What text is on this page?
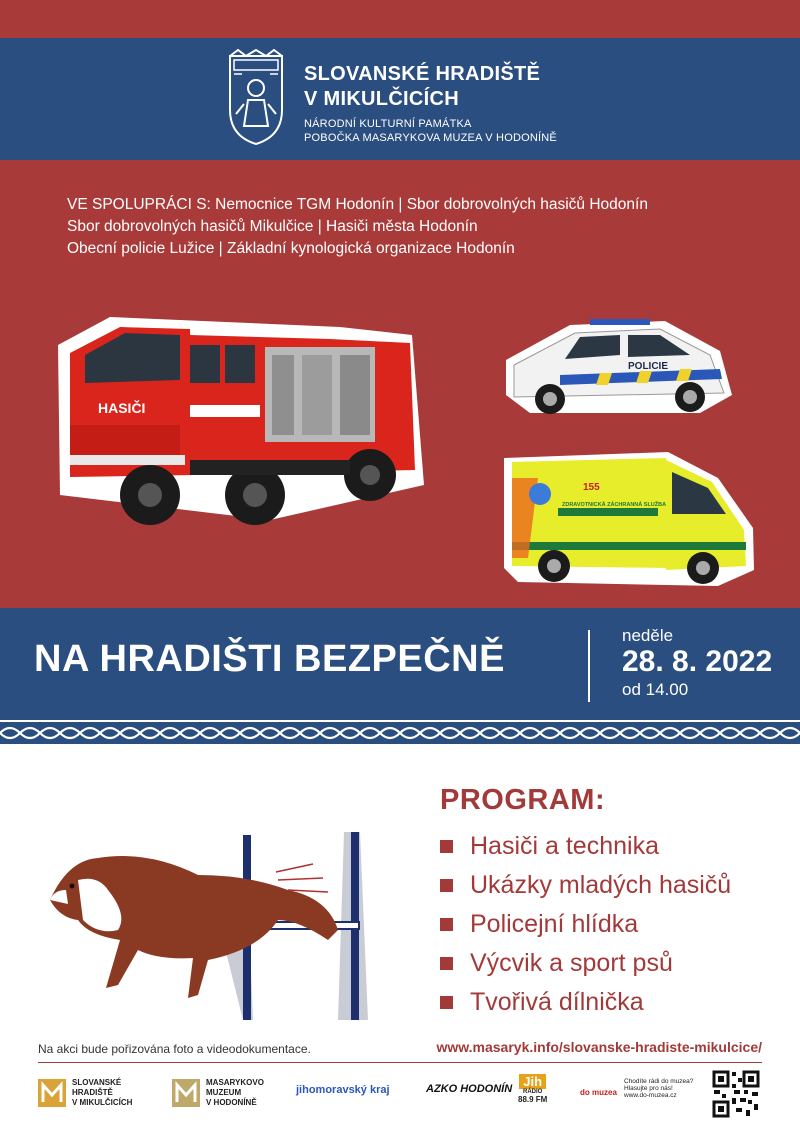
SLOVANSKÉ HRADIŠTĚ
V MIKULČICÍCH
NÁRODNÍ KULTURNÍ PAMÁTKA
POBOČKA MASARYKOVA MUZEA V HODONÍNĚ
VE SPOLUPRÁCI S: Nemocnice TGM Hodonín | Sbor dobrovolných hasičů Hodonín
Sbor dobrovolných hasičů Mikulčice | Hasiči města Hodonín
Obecní policie Lužice | Základní kynologická organizace Hodonín
HASIČI
POLICIE
155
ZDRAVOTNICKÁ ZÁCHRANNÁ SLUŽBA
NA HRADIŠTI BEZPEČNĚ
neděle
28. 8. 2022
od 14.00
PROGRAM:
Hasiči a technika
Ukázky mladých hasičů
Policejní hlídka
Výcvik a sport psů
Tvořivá dílnička
Na akci bude pořizována foto a videodokumentace.	www.masaryk.info/slovanske-hradiste-mikulcice/
SLOVANSKÉ
HRADIŠTĚ
V MIKULČICÍCH
MASARYKOVO
MUZEUM
V HODONÍNĚ
jihomoravský kraj	AZKO HODONÍN Jih
RÁDIO
88.9 FM
do muzea
Chodíte rádi do muzea?
Hlasujte pro nás!
www.do-muzea.cz
